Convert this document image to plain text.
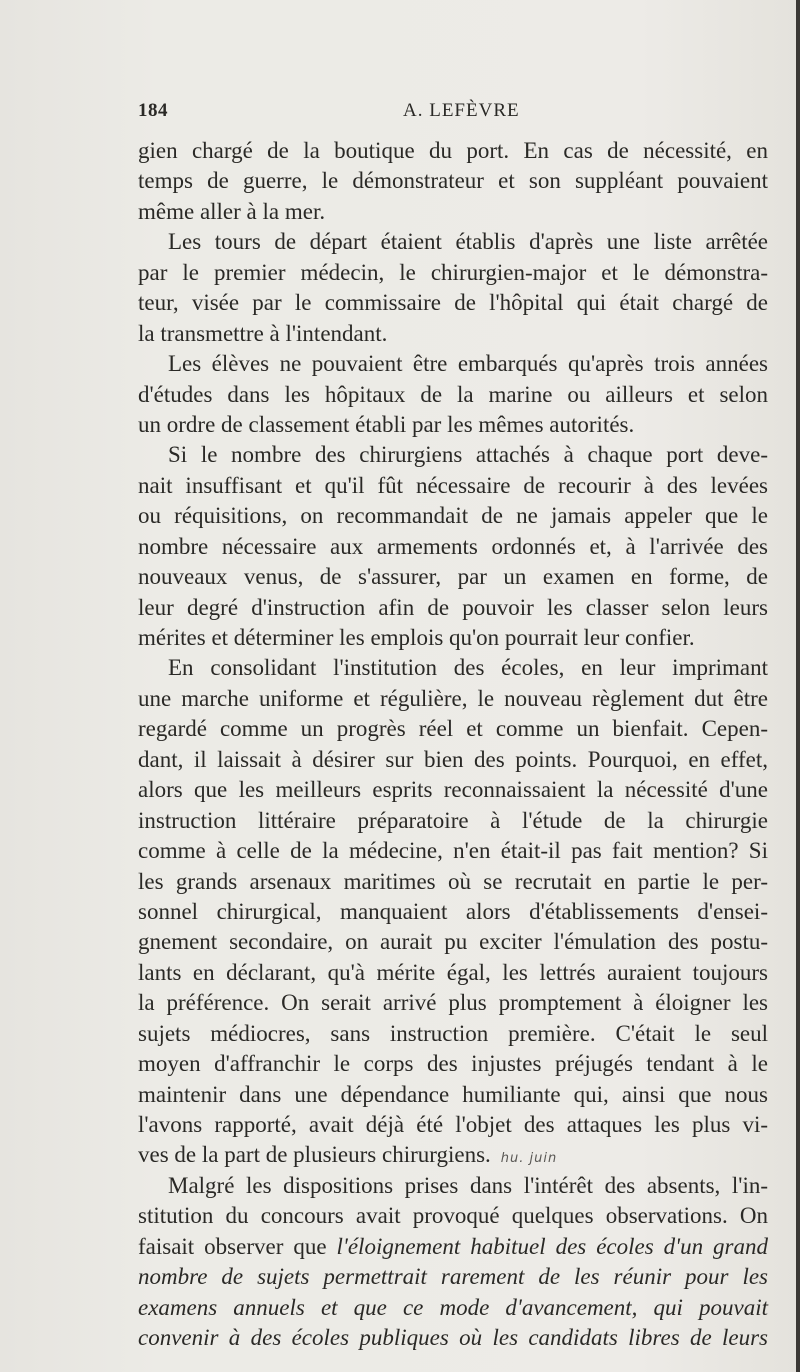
184	A. LEFÈVRE
gien chargé de la boutique du port. En cas de nécessité, en
temps de guerre, le démonstrateur et son suppléant pouvaient
même aller à la mer.
Les tours de départ étaient établis d'après une liste arrêtée
par le premier médecin, le chirurgien-major et le démonstra-
teur, visée par le commissaire de l'hôpital qui était chargé de
la transmettre à l'intendant.
Les élèves ne pouvaient être embarqués qu'après trois années
d'études dans les hôpitaux de la marine ou ailleurs et selon
un ordre de classement établi par les mêmes autorités.
Si le nombre des chirurgiens attachés à chaque port deve-
nait insuffisant et qu'il fût nécessaire de recourir à des levées
ou réquisitions, on recommandait de ne jamais appeler que le
nombre nécessaire aux armements ordonnés et, à l'arrivée des
nouveaux venus, de s'assurer, par un examen en forme, de
leur degré d'instruction afin de pouvoir les classer selon leurs
mérites et déterminer les emplois qu'on pourrait leur confier.
En consolidant l'institution des écoles, en leur imprimant
une marche uniforme et régulière, le nouveau règlement dut être
regardé comme un progrès réel et comme un bienfait. Cepen-
dant, il laissait à désirer sur bien des points. Pourquoi, en effet,
alors que les meilleurs esprits reconnaissaient la nécessité d'une
instruction littéraire préparatoire à l'étude de la chirurgie
comme à celle de la médecine, n'en était-il pas fait mention? Si
les grands arsenaux maritimes où se recrutait en partie le per-
sonnel chirurgical, manquaient alors d'établissements d'ensei-
gnement secondaire, on aurait pu exciter l'émulation des postu-
lants en déclarant, qu'à mérite égal, les lettrés auraient toujours
la préférence. On serait arrivé plus promptement à éloigner les
sujets médiocres, sans instruction première. C'était le seul
moyen d'affranchir le corps des injustes préjugés tendant à le
maintenir dans une dépendance humiliante qui, ainsi que nous
l'avons rapporté, avait déjà été l'objet des attaques les plus vi-
ves de la part de plusieurs chirurgiens. hu. juin
Malgré les dispositions prises dans l'intérêt des absents, l'in-
stitution du concours avait provoqué quelques observations. On
faisait observer que l'éloignement habituel des écoles d'un grand
nombre de sujets permettrait rarement de les réunir pour les
examens annuels et que ce mode d'avancement, qui pouvait
convenir à des écoles publiques où les candidats libres de leurs
